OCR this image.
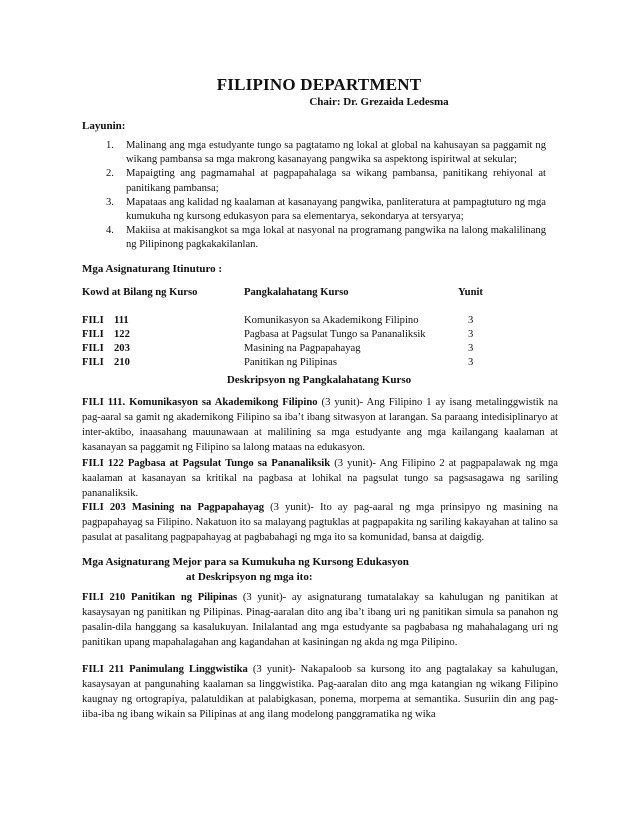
FILIPINO DEPARTMENT
Chair: Dr. Grezaida Ledesma
Layunin:
1. Malinang ang mga estudyante tungo sa pagtatamo ng lokal at global na kahusayan sa paggamit ng wikang pambansa sa mga makrong kasanayang pangwika sa aspektong ispiritwal at sekular;
2. Mapaigting ang pagmamahal at pagpapahalaga sa wikang pambansa, panitikang rehiyonal at panitikang pambansa;
3. Mapataas ang kalidad ng kaalaman at kasanayang pangwika, panliteratura at pampagtuturo ng mga kumukuha ng kursong edukasyon para sa elementarya, sekondarya at tersyarya;
4. Makiisa at makisangkot sa mga lokal at nasyonal na programang pangwika na lalong makalilinang ng Pilipinong pagkakakilanlan.
Mga Asignaturang Itinuturo :
Kowd at Bilang ng Kurso	Pangkalahatang Kurso	Yunit
FILI 111	Komunikasyon sa Akademikong Filipino	3
FILI 122	Pagbasa at Pagsulat Tungo sa Pananaliksik	3
FILI 203	Masining na Pagpapahayag	3
FILI 210	Panitikan ng Pilipinas	3
Deskripsyon ng Pangkalahatang Kurso

FILI 111. Komunikasyon sa Akademikong Filipino (3 yunit)- Ang Filipino 1 ay isang metalinggwistik na pag-aaral sa gamit ng akademikong Filipino sa iba’t ibang sitwasyon at larangan. Sa paraang intedisiplinaryo at inter-aktibo, inaasahang mauunawaan at malilining sa mga estudyante ang mga kailangang kaalaman at kasanayan sa paggamit ng Filipino sa lalong mataas na edukasyon.

FILI 122 Pagbasa at Pagsulat Tungo sa Pananaliksik (3 yunit)- Ang Filipino 2 at pagpapalawak ng mga kaalaman at kasanayan sa kritikal na pagbasa at lohikal na pagsulat tungo sa pagsasagawa ng sariling pananaliksik.

FILI 203 Masining na Pagpapahayag (3 yunit)- Ito ay pag-aaral ng mga prinsipyo ng masining na pagpapahayag sa Filipino. Nakatuon ito sa malayang pagtuklas at pagpapakita ng sariling kakayahan at talino sa pasulat at pasalitang pagpapahayag at pagbabahagi ng mga ito sa komunidad, bansa at daigdig.

Mga Asignaturang Mejor para sa Kumukuha ng Kursong Edukasyon
at Deskripsyon ng mga ito:

FILI 210 Panitikan ng Pilipinas (3 yunit)- ay asignaturang tumatalakay sa kahulugan ng panitikan at kasaysayan ng panitikan ng Pilipinas. Pinag-aaralan dito ang iba’t ibang uri ng panitikan simula sa panahon ng pasalin-dila hanggang sa kasalukuyan. Inilalantad ang mga estudyante sa pagbabasa ng mahahalagang uri ng panitikan upang mapahalagahan ang kagandahan at kasiningan ng akda ng mga Pilipino.

FILI 211 Panimulang Linggwistika (3 yunit)- Nakapaloob sa kursong ito ang pagtalakay sa kahulugan, kasaysayan at pangunahing kaalaman sa linggwistika. Pag-aaralan dito ang mga katangian ng wikang Filipino kaugnay ng ortograpiya, palatuldikan at palabigkasan, ponema, morpema at semantika. Susuriin din ang pag-iiba-iba ng ibang wikain sa Pilipinas at ang ilang modelong panggramatika ng wika
